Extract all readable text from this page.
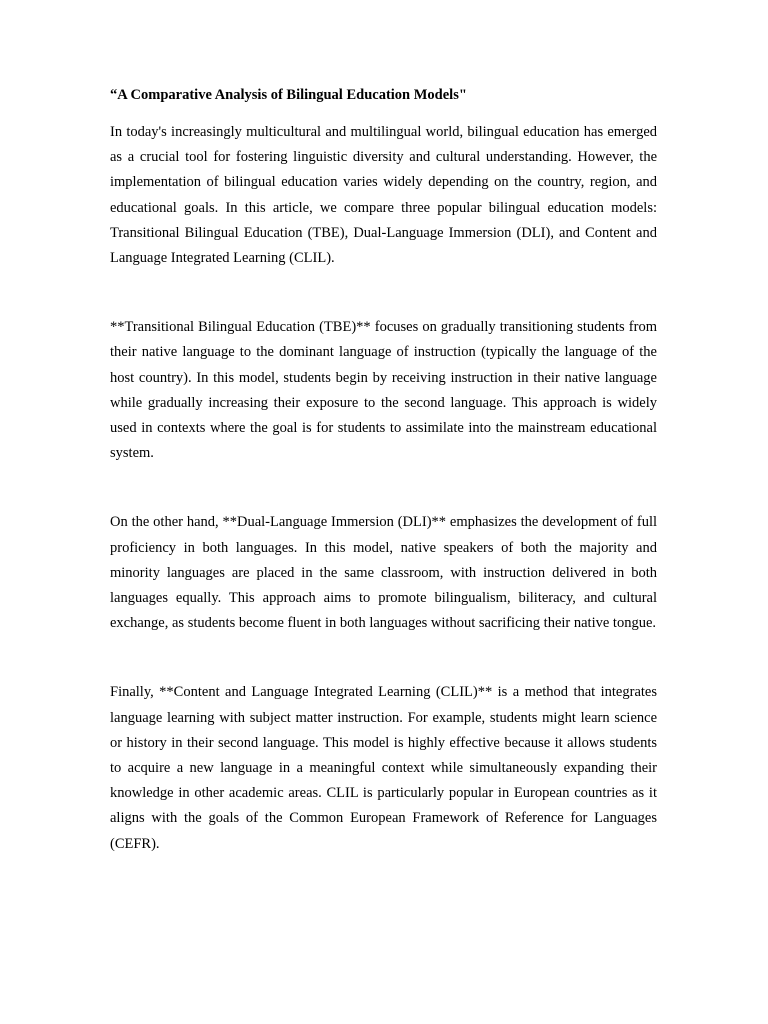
“A Comparative Analysis of Bilingual Education Models"

In today's increasingly multicultural and multilingual world, bilingual education has emerged as a crucial tool for fostering linguistic diversity and cultural understanding. However, the implementation of bilingual education varies widely depending on the country, region, and educational goals. In this article, we compare three popular bilingual education models: Transitional Bilingual Education (TBE), Dual-Language Immersion (DLI), and Content and Language Integrated Learning (CLIL).

**Transitional Bilingual Education (TBE)** focuses on gradually transitioning students from their native language to the dominant language of instruction (typically the language of the host country). In this model, students begin by receiving instruction in their native language while gradually increasing their exposure to the second language. This approach is widely used in contexts where the goal is for students to assimilate into the mainstream educational system.

On the other hand, **Dual-Language Immersion (DLI)** emphasizes the development of full proficiency in both languages. In this model, native speakers of both the majority and minority languages are placed in the same classroom, with instruction delivered in both languages equally. This approach aims to promote bilingualism, biliteracy, and cultural exchange, as students become fluent in both languages without sacrificing their native tongue.

Finally, **Content and Language Integrated Learning (CLIL)** is a method that integrates language learning with subject matter instruction. For example, students might learn science or history in their second language. This model is highly effective because it allows students to acquire a new language in a meaningful context while simultaneously expanding their knowledge in other academic areas. CLIL is particularly popular in European countries as it aligns with the goals of the Common European Framework of Reference for Languages (CEFR).
